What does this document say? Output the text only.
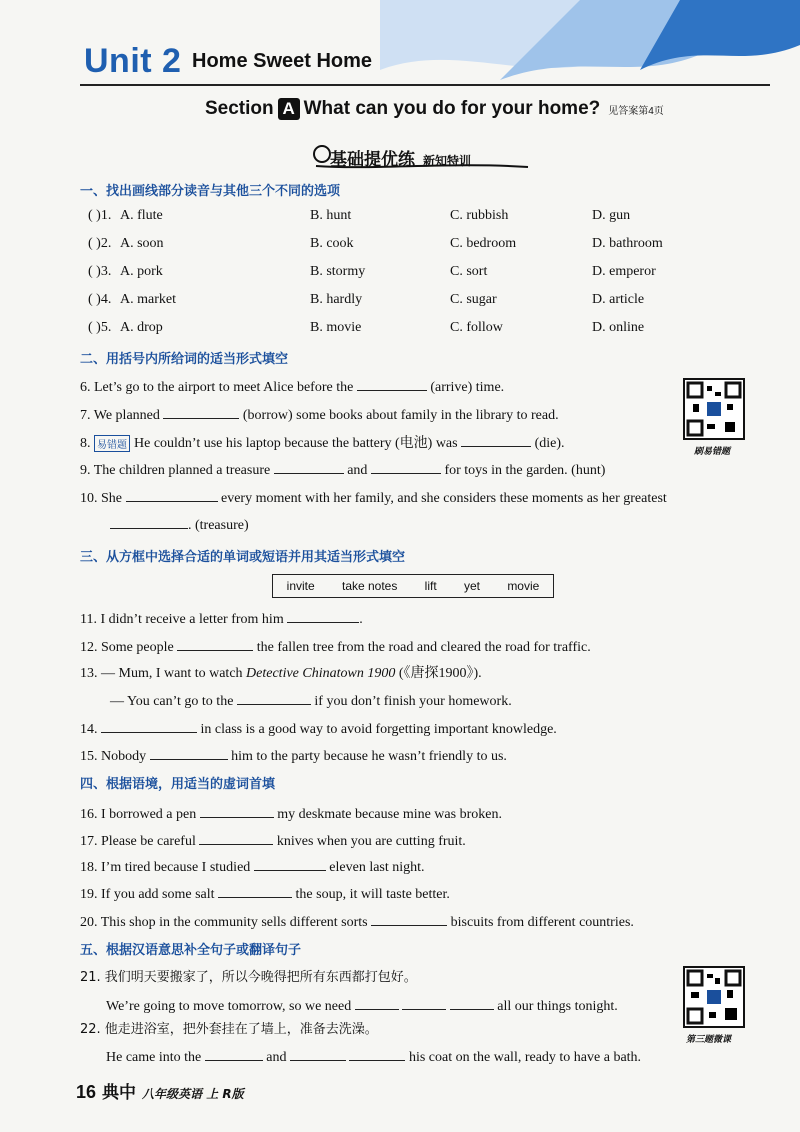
Unit 2 Home Sweet Home
Section A What can you do for your home? 见答案第4页
基础提优练 新知特训
一、找出画线部分读音与其他三个不同的选项
( )1. A. flute	B. hunt	C. rubbish	D. gun
( )2. A. soon	B. cook	C. bedroom	D. bathroom
( )3. A. pork	B. stormy	C. sort	D. emperor
( )4. A. market	B. hardly	C. sugar	D. article
( )5. A. drop	B. movie	C. follow	D. online
二、用括号内所给词的适当形式填空
6. Let’s go to the airport to meet Alice before the	(arrive) time.
7. We planned	(borrow) some books about family in the library to read.
8. 易错题 He couldn’t use his laptop because the battery (电池) was	(die).
9. The children planned a treasure	and	for toys in the garden. (hunt)
10. She	every moment with her family, and she considers these moments as her greatest
. (treasure)
刷易错题
三、从方框中选择合适的单词或短语并用其适当形式填空
invite take notes lift yet movie
11. I didn’t receive a letter from him	.
12. Some people	the fallen tree from the road and cleared the road for traffic.
13. — Mum, I want to watch Detective Chinatown 1900 (《唐探1900》).
— You can’t go to the	if you don’t finish your homework.
14.	in class is a good way to avoid forgetting important knowledge.
15. Nobody	him to the party because he wasn’t friendly to us.
四、根据语境，用适当的虚词首填
16. I borrowed a pen	my deskmate because mine was broken.
17. Please be careful	knives when you are cutting fruit.
18. I’m tired because I studied	eleven last night.
19. If you add some salt	the soup, it will taste better.
20. This shop in the community sells different sorts	biscuits from different countries.
五、根据汉语意思补全句子或翻译句子
21. 我们明天要搬家了，所以今晚得把所有东西都打包好。
We’re going to move tomorrow, so we need	all our things tonight.
22. 他走进浴室，把外套挂在了墙上，准备去洗澡。
He came into the	and	his coat on the wall, ready to have a bath.
第三题微课
16 典中 八年级英语 上 R版
